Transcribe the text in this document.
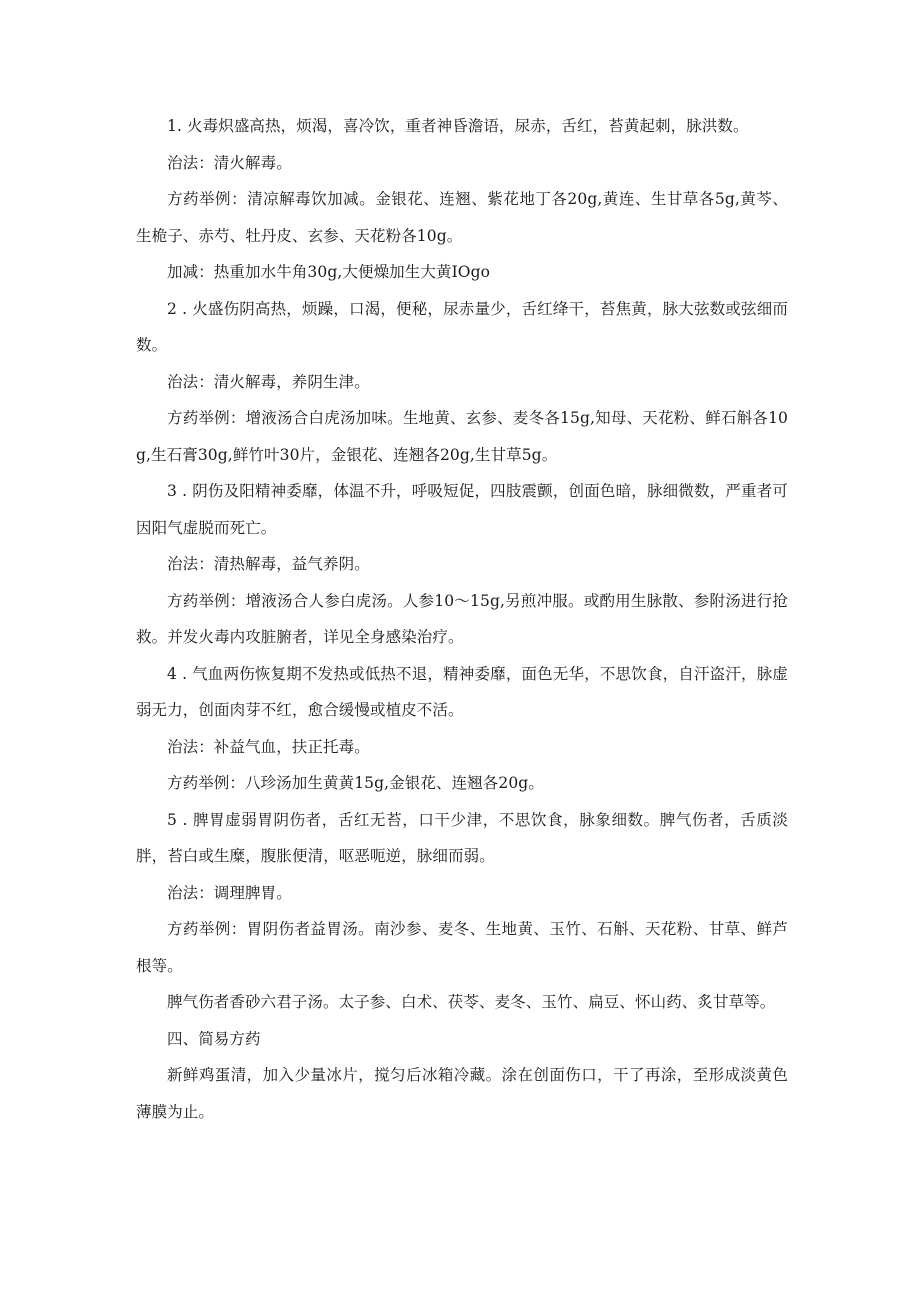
1. 火毒炽盛高热，烦渴，喜冷饮，重者神昏澹语，尿赤，舌红，苔黄起刺，脉洪数。

治法：清火解毒。

方药举例：清凉解毒饮加减。金银花、连翘、紫花地丁各20g,黄连、生甘草各5g,黄芩、生桅子、赤芍、牡丹皮、玄参、天花粉各10g。

加减：热重加水牛角30g,大便燥加生大黄IOgo

2 . 火盛伤阴高热，烦躁，口渴，便秘，尿赤量少，舌红绛干，苔焦黄，脉大弦数或弦细而数。

治法：清火解毒，养阴生津。

方药举例：增液汤合白虎汤加味。生地黄、玄参、麦冬各15g,知母、天花粉、鲜石斛各10g,生石膏30g,鲜竹叶30片，金银花、连翘各20g,生甘草5g。

3 . 阴伤及阳精神委靡，体温不升，呼吸短促，四肢震颤，创面色暗，脉细微数，严重者可因阳气虚脱而死亡。

治法：清热解毒，益气养阴。

方药举例：增液汤合人参白虎汤。人参10～15g,另煎冲服。或酌用生脉散、参附汤进行抢救。并发火毒内攻脏腑者，详见全身感染治疗。

4 . 气血两伤恢复期不发热或低热不退，精神委靡，面色无华，不思饮食，自汗盗汗，脉虚弱无力，创面肉芽不红，愈合缓慢或植皮不活。

治法：补益气血，扶正托毒。

方药举例：八珍汤加生黄黄15g,金银花、连翘各20g。

5 . 脾胃虚弱胃阴伤者，舌红无苔，口干少津，不思饮食，脉象细数。脾气伤者，舌质淡胖，苔白或生糜，腹胀便清，呕恶呃逆，脉细而弱。

治法：调理脾胃。

方药举例：胃阴伤者益胃汤。南沙参、麦冬、生地黄、玉竹、石斛、天花粉、甘草、鲜芦根等。

脾气伤者香砂六君子汤。太子参、白术、茯苓、麦冬、玉竹、扁豆、怀山药、炙甘草等。

四、简易方药

新鲜鸡蛋清，加入少量冰片，搅匀后冰箱冷藏。涂在创面伤口，干了再涂，至形成淡黄色薄膜为止。
